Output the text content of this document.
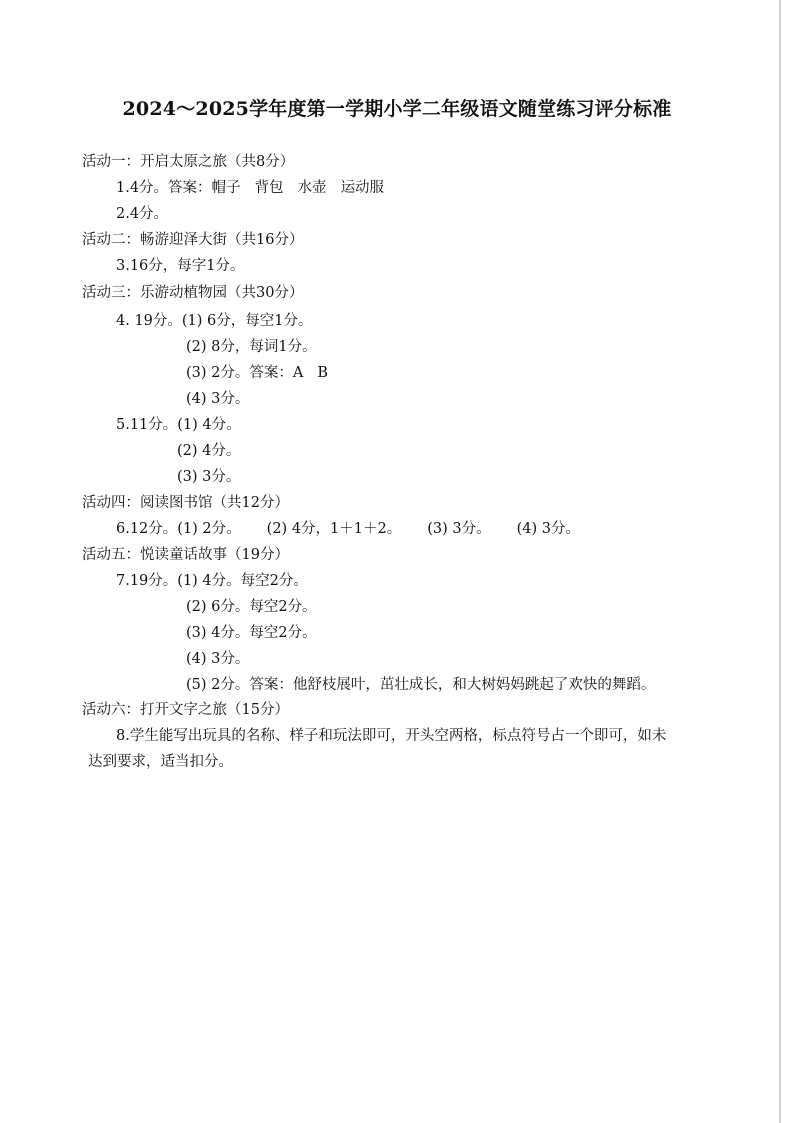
2024～2025学年度第一学期小学二年级语文随堂练习评分标准
活动一：开启太原之旅（共8分）
1.4分。答案：帽子 背包 水壶 运动服
2.4分。
活动二：畅游迎泽大街（共16分）
3.16分，每字1分。
活动三：乐游动植物园（共30分）
4. 19分。(1) 6分，每空1分。
(2) 8分，每词1分。
(3) 2分。答案：A B
(4) 3分。
5.11分。(1) 4分。
(2) 4分。
(3) 3分。
活动四：阅读图书馆（共12分）
6.12分。(1) 2分。 (2) 4分，1＋1＋2。 (3) 3分。 (4) 3分。
活动五：悦读童话故事（19分）
7.19分。(1) 4分。每空2分。
(2) 6分。每空2分。
(3) 4分。每空2分。
(4) 3分。
(5) 2分。答案：他舒枝展叶，茁壮成长，和大树妈妈跳起了欢快的舞蹈。
活动六：打开文字之旅（15分）
8.学生能写出玩具的名称、样子和玩法即可，开头空两格，标点符号占一个即可，如未
达到要求，适当扣分。
